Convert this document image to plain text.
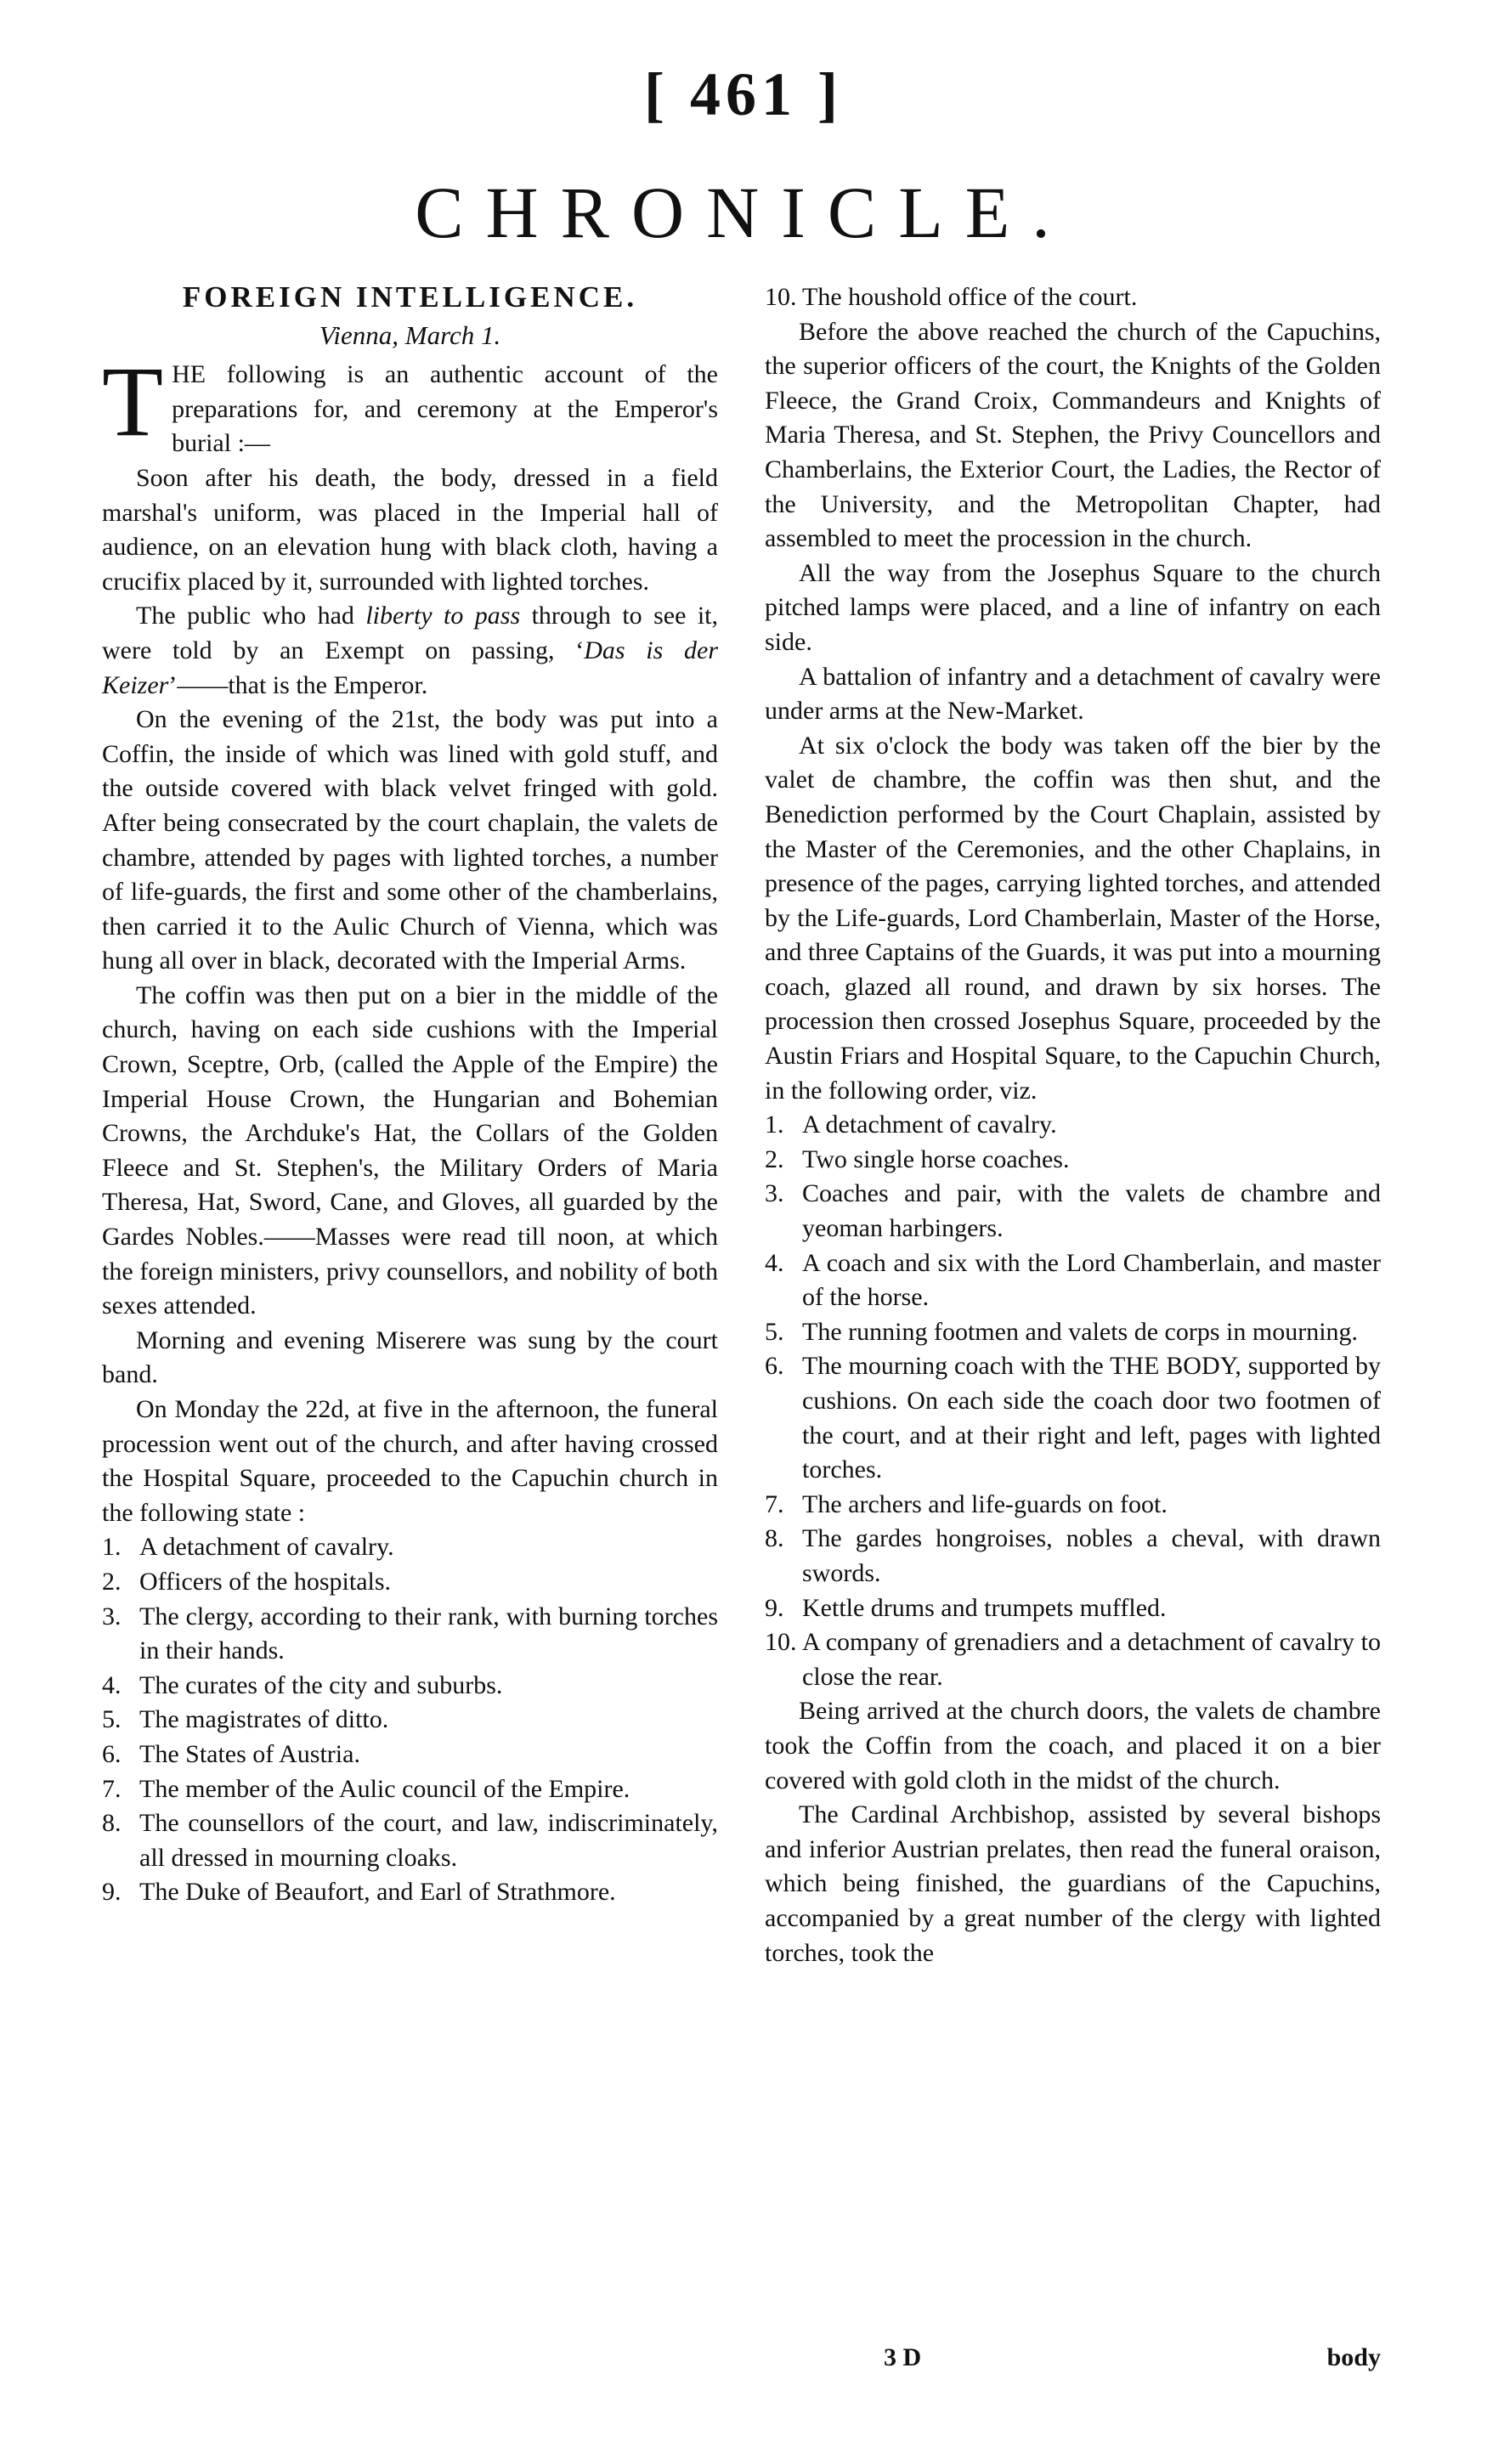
[ 461 ]
CHRONICLE.
FOREIGN INTELLIGENCE.
Vienna, March 1.

THE following is an authentic account of the preparations for, and ceremony at the Emperor's burial :—

Soon after his death, the body, dressed in a field marshal's uniform, was placed in the Imperial hall of audience, on an elevation hung with black cloth, having a crucifix placed by it, surrounded with lighted torches.

The public who had liberty to pass through to see it, were told by an Exempt on passing, ‘Das is der Keizer’——that is the Emperor.

On the evening of the 21st, the body was put into a Coffin, the inside of which was lined with gold stuff, and the outside covered with black velvet fringed with gold. After being consecrated by the court chaplain, the valets de chambre, attended by pages with lighted torches, a number of life-guards, the first and some other of the chamberlains, then carried it to the Aulic Church of Vienna, which was hung all over in black, decorated with the Imperial Arms.

The coffin was then put on a bier in the middle of the church, having on each side cushions with the Imperial Crown, Sceptre, Orb, (called the Apple of the Empire) the Imperial House Crown, the Hungarian and Bohemian Crowns, the Archduke's Hat, the Collars of the Golden Fleece and St. Stephen's, the Military Orders of Maria Theresa, Hat, Sword, Cane, and Gloves, all guarded by the Gardes Nobles.——Masses were read till noon, at which the foreign ministers, privy counsellors, and nobility of both sexes attended.

Morning and evening Miserere was sung by the court band.

On Monday the 22d, at five in the afternoon, the funeral procession went out of the church, and after having crossed the Hospital Square, proceeded to the Capuchin church in the following state :

1. A detachment of cavalry.
2. Officers of the hospitals.
3. The clergy, according to their rank, with burning torches in their hands.
4. The curates of the city and suburbs.
5. The magistrates of ditto.
6. The States of Austria.
7. The member of the Aulic council of the Empire.
8. The counsellors of the court, and law, indiscriminately, all dressed in mourning cloaks.
9. The Duke of Beaufort, and Earl of Strathmore.
10. The houshold office of the court.

Before the above reached the church of the Capuchins, the superior officers of the court, the Knights of the Golden Fleece, the Grand Croix, Commandeurs and Knights of Maria Theresa, and St. Stephen, the Privy Councellors and Chamberlains, the Exterior Court, the Ladies, the Rector of the University, and the Metropolitan Chapter, had assembled to meet the procession in the church.

All the way from the Josephus Square to the church pitched lamps were placed, and a line of infantry on each side.

A battalion of infantry and a detachment of cavalry were under arms at the New-Market.

At six o'clock the body was taken off the bier by the valet de chambre, the coffin was then shut, and the Benediction performed by the Court Chaplain, assisted by the Master of the Ceremonies, and the other Chaplains, in presence of the pages, carrying lighted torches, and attended by the Life-guards, Lord Chamberlain, Master of the Horse, and three Captains of the Guards, it was put into a mourning coach, glazed all round, and drawn by six horses. The procession then crossed Josephus Square, proceeded by the Austin Friars and Hospital Square, to the Capuchin Church, in the following order, viz.

1. A detachment of cavalry.
2. Two single horse coaches.
3. Coaches and pair, with the valets de chambre and yeoman harbingers.
4. A coach and six with the Lord Chamberlain, and master of the horse.
5. The running footmen and valets de corps in mourning.
6. The mourning coach with the THE BODY, supported by cushions. On each side the coach door two footmen of the court, and at their right and left, pages with lighted torches.
7. The archers and life-guards on foot.
8. The gardes hongroises, nobles a cheval, with drawn swords.
9. Kettle drums and trumpets muffled.
10. A company of grenadiers and a detachment of cavalry to close the rear.

Being arrived at the church doors, the valets de chambre took the Coffin from the coach, and placed it on a bier covered with gold cloth in the midst of the church.

The Cardinal Archbishop, assisted by several bishops and inferior Austrian prelates, then read the funeral oraison, which being finished, the guardians of the Capuchins, accompanied by a great number of the clergy with lighted torches, took the

3 D	body
